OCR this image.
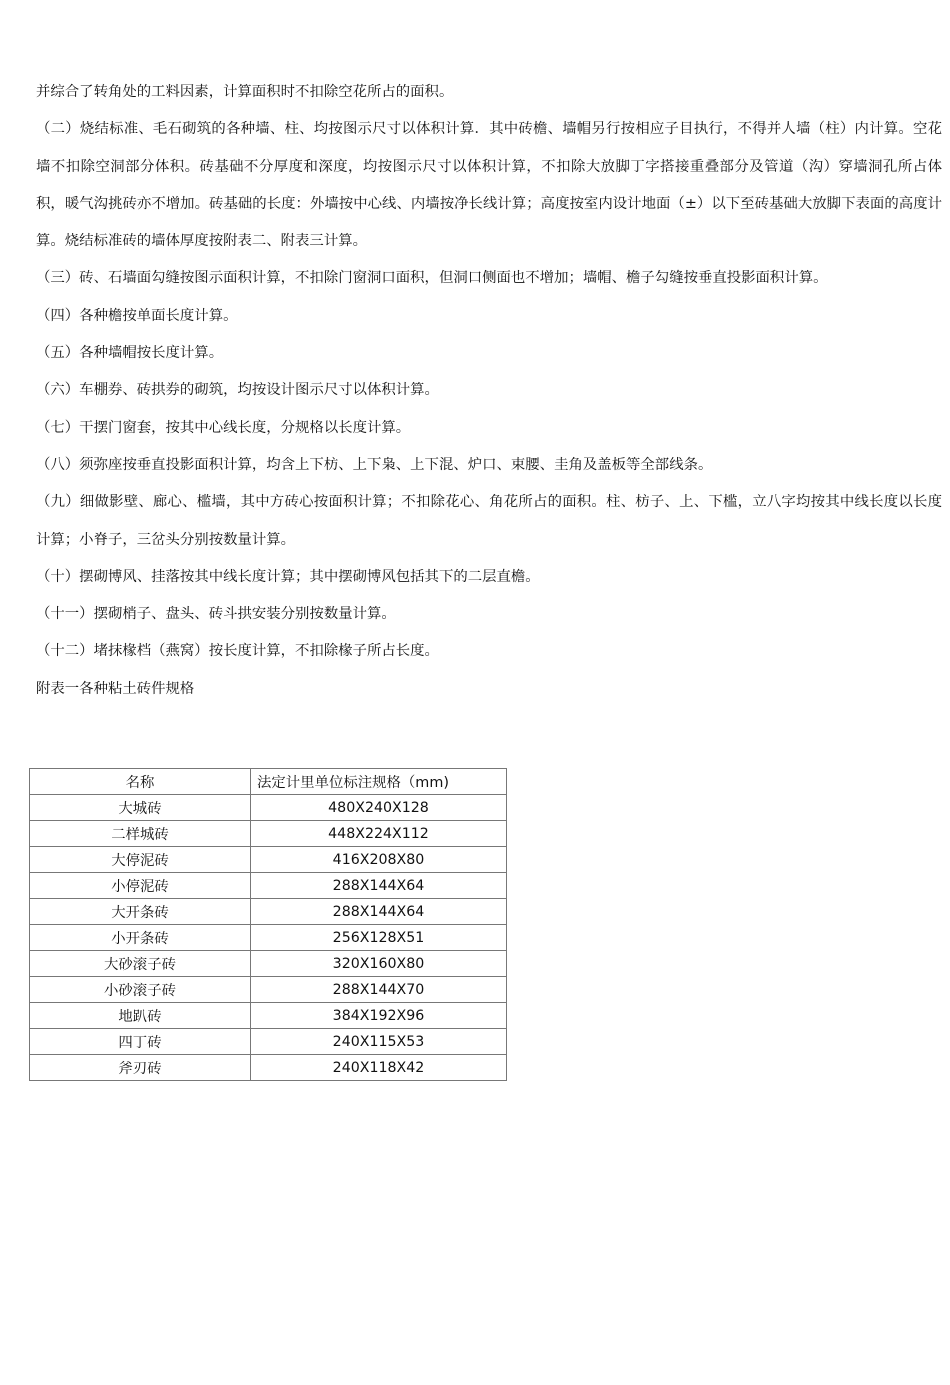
并综合了转角处的工料因素，计算面积时不扣除空花所占的面积。

（二）烧结标准、毛石砌筑的各种墙、柱、均按图示尺寸以体积计算．其中砖檐、墙帽另行按相应子目执行，不得并人墙（柱）内计算。空花墙不扣除空洞部分体积。砖基础不分厚度和深度，均按图示尺寸以体积计算，不扣除大放脚丁字搭接重叠部分及管道（沟）穿墙洞孔所占体积，暖气沟挑砖亦不增加。砖基础的长度：外墙按中心线、内墙按净长线计算；高度按室内设计地面（±）以下至砖基础大放脚下表面的高度计算。烧结标准砖的墙体厚度按附表二、附表三计算。

（三）砖、石墙面勾缝按图示面积计算，不扣除门窗洞口面积，但洞口侧面也不增加；墙帽、檐子勾缝按垂直投影面积计算。

（四）各种檐按单面长度计算。

（五）各种墙帽按长度计算。

（六）车棚券、砖拱券的砌筑，均按设计图示尺寸以体积计算。

（七）干摆门窗套，按其中心线长度，分规格以长度计算。

（八）须弥座按垂直投影面积计算，均含上下枋、上下枭、上下混、炉口、束腰、圭角及盖板等全部线条。

（九）细做影壁、廊心、槛墙，其中方砖心按面积计算；不扣除花心、角花所占的面积。柱、枋子、上、下槛，立八字均按其中线长度以长度计算；小脊子，三岔头分别按数量计算。

（十）摆砌博风、挂落按其中线长度计算；其中摆砌博风包括其下的二层直檐。

（十一）摆砌梢子、盘头、砖斗拱安装分别按数量计算。

（十二）堵抹椽档（燕窝）按长度计算，不扣除椽子所占长度。

附表一各种粘土砖件规格

名称	法定计里单位标注规格（mm)
大城砖	480X240X128
二样城砖	448X224X112
大停泥砖	416X208X80
小停泥砖	288X144X64
大开条砖	288X144X64
小开条砖	256X128X51
大砂滚子砖	320X160X80
小砂滚子砖	288X144X70
地趴砖	384X192X96
四丁砖	240X115X53
斧刃砖	240X118X42
